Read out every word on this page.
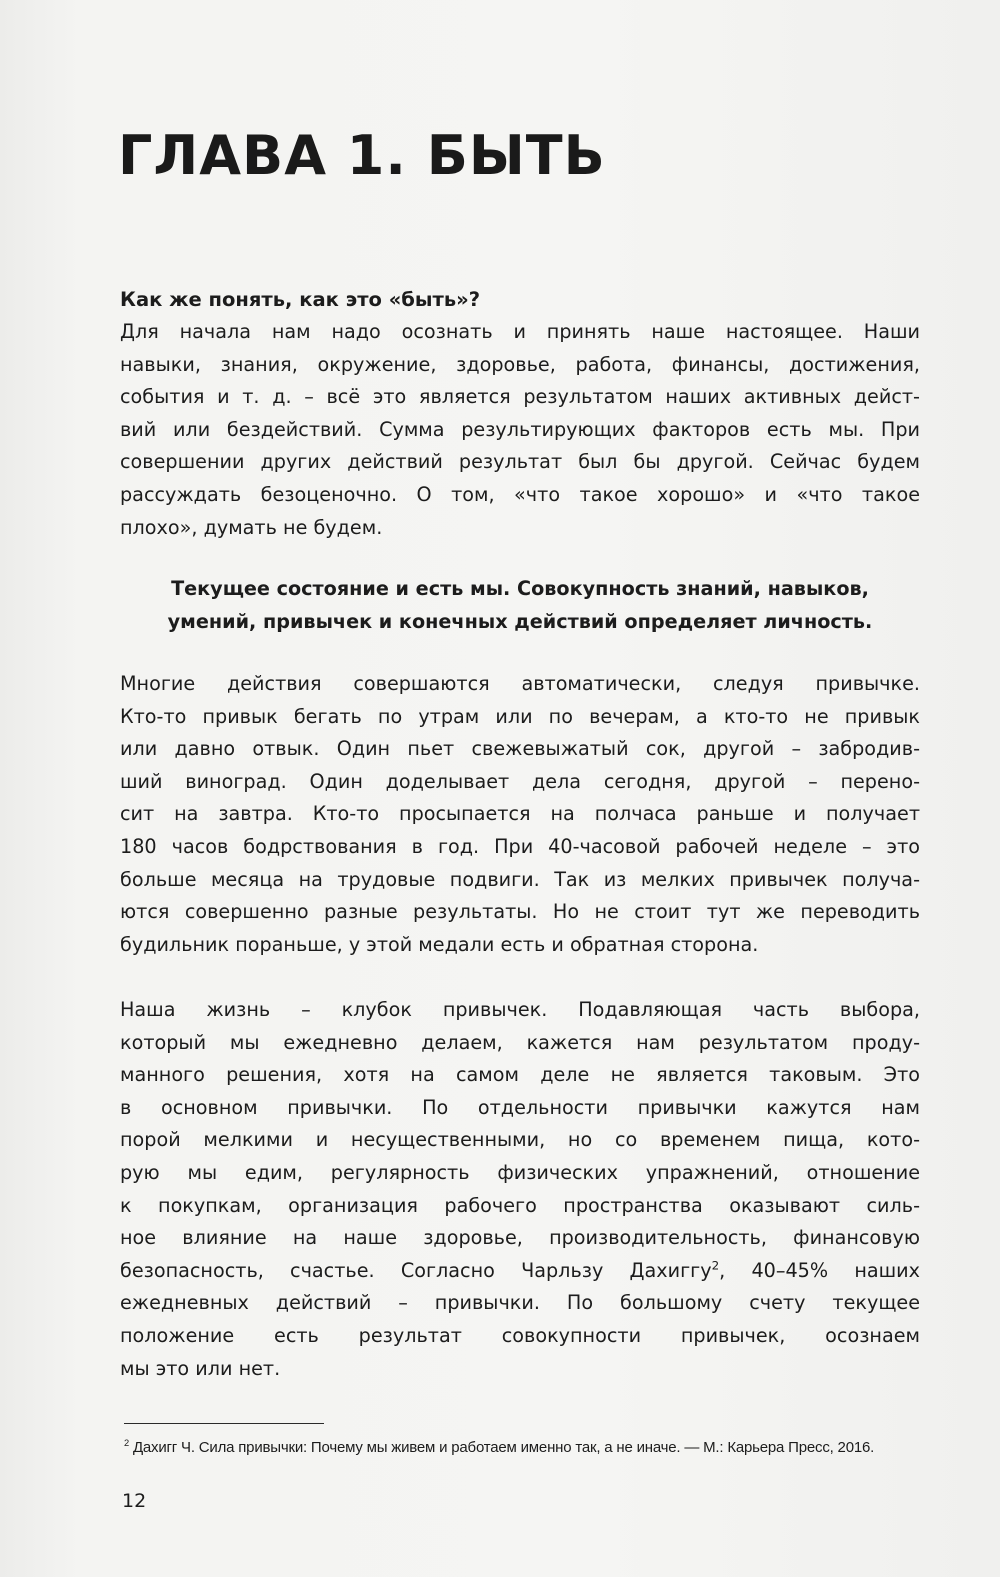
ГЛАВА 1. БЫТЬ

Как же понять, как это «быть»?

Для начала нам надо осознать и принять наше настоящее. Наши
навыки, знания, окружение, здоровье, работа, финансы, достижения,
события и т. д. – всё это является результатом наших активных дейст-
вий или бездействий. Сумма результирующих факторов есть мы. При
совершении других действий результат был бы другой. Сейчас будем
рассуждать безоценочно. О том, «что такое хорошо» и «что такое
плохо», думать не будем.

Текущее состояние и есть мы. Совокупность знаний, навыков,
умений, привычек и конечных действий определяет личность.

Многие действия совершаются автоматически, следуя привычке.
Кто-то привык бегать по утрам или по вечерам, а кто-то не привык
или давно отвык. Один пьет свежевыжатый сок, другой – забродив-
ший виноград. Один доделывает дела сегодня, другой – перено-
сит на завтра. Кто-то просыпается на полчаса раньше и получает
180 часов бодрствования в год. При 40-часовой рабочей неделе – это
больше месяца на трудовые подвиги. Так из мелких привычек получа-
ются совершенно разные результаты. Но не стоит тут же переводить
будильник пораньше, у этой медали есть и обратная сторона.

Наша жизнь – клубок привычек. Подавляющая часть выбора,
который мы ежедневно делаем, кажется нам результатом проду-
манного решения, хотя на самом деле не является таковым. Это
в основном привычки. По отдельности привычки кажутся нам
порой мелкими и несущественными, но со временем пища, кото-
рую мы едим, регулярность физических упражнений, отношение
к покупкам, организация рабочего пространства оказывают силь-
ное влияние на наше здоровье, производительность, финансовую
безопасность, счастье. Согласно Чарльзу Дахиггу$^2$, 40–45% наших
ежедневных действий – привычки. По большому счету текущее
положение есть результат совокупности привычек, осознаем
мы это или нет.

$^2$ Дахигг Ч. Сила привычки: Почему мы живем и работаем именно так, а не иначе. — М.: Карьера Пресс, 2016.

12
